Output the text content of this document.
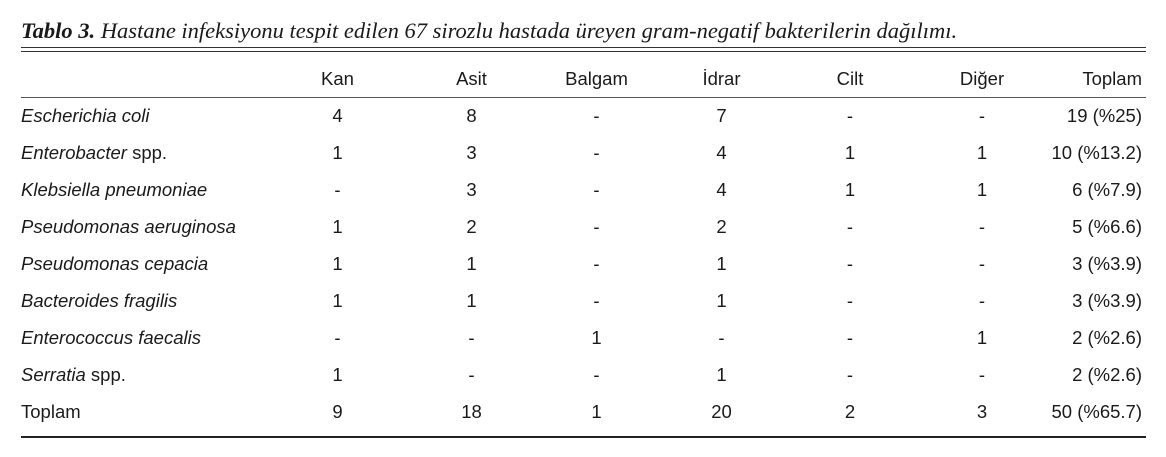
Tablo 3. Hastane infeksiyonu tespit edilen 67 sirozlu hastada üreyen gram-negatif bakterilerin dağılımı.
	Kan	Asit	Balgam	İdrar	Cilt	Diğer	Toplam
Escherichia coli	4	8	-	7	-	-	19 (%25)
Enterobacter spp.	1	3	-	4	1	1	10 (%13.2)
Klebsiella pneumoniae	-	3	-	4	1	1	6 (%7.9)
Pseudomonas aeruginosa	1	2	-	2	-	-	5 (%6.6)
Pseudomonas cepacia	1	1	-	1	-	-	3 (%3.9)
Bacteroides fragilis	1	1	-	1	-	-	3 (%3.9)
Enterococcus faecalis	-	-	1	-	-	1	2 (%2.6)
Serratia spp.	1	-	-	1	-	-	2 (%2.6)
Toplam	9	18	1	20	2	3	50 (%65.7)
